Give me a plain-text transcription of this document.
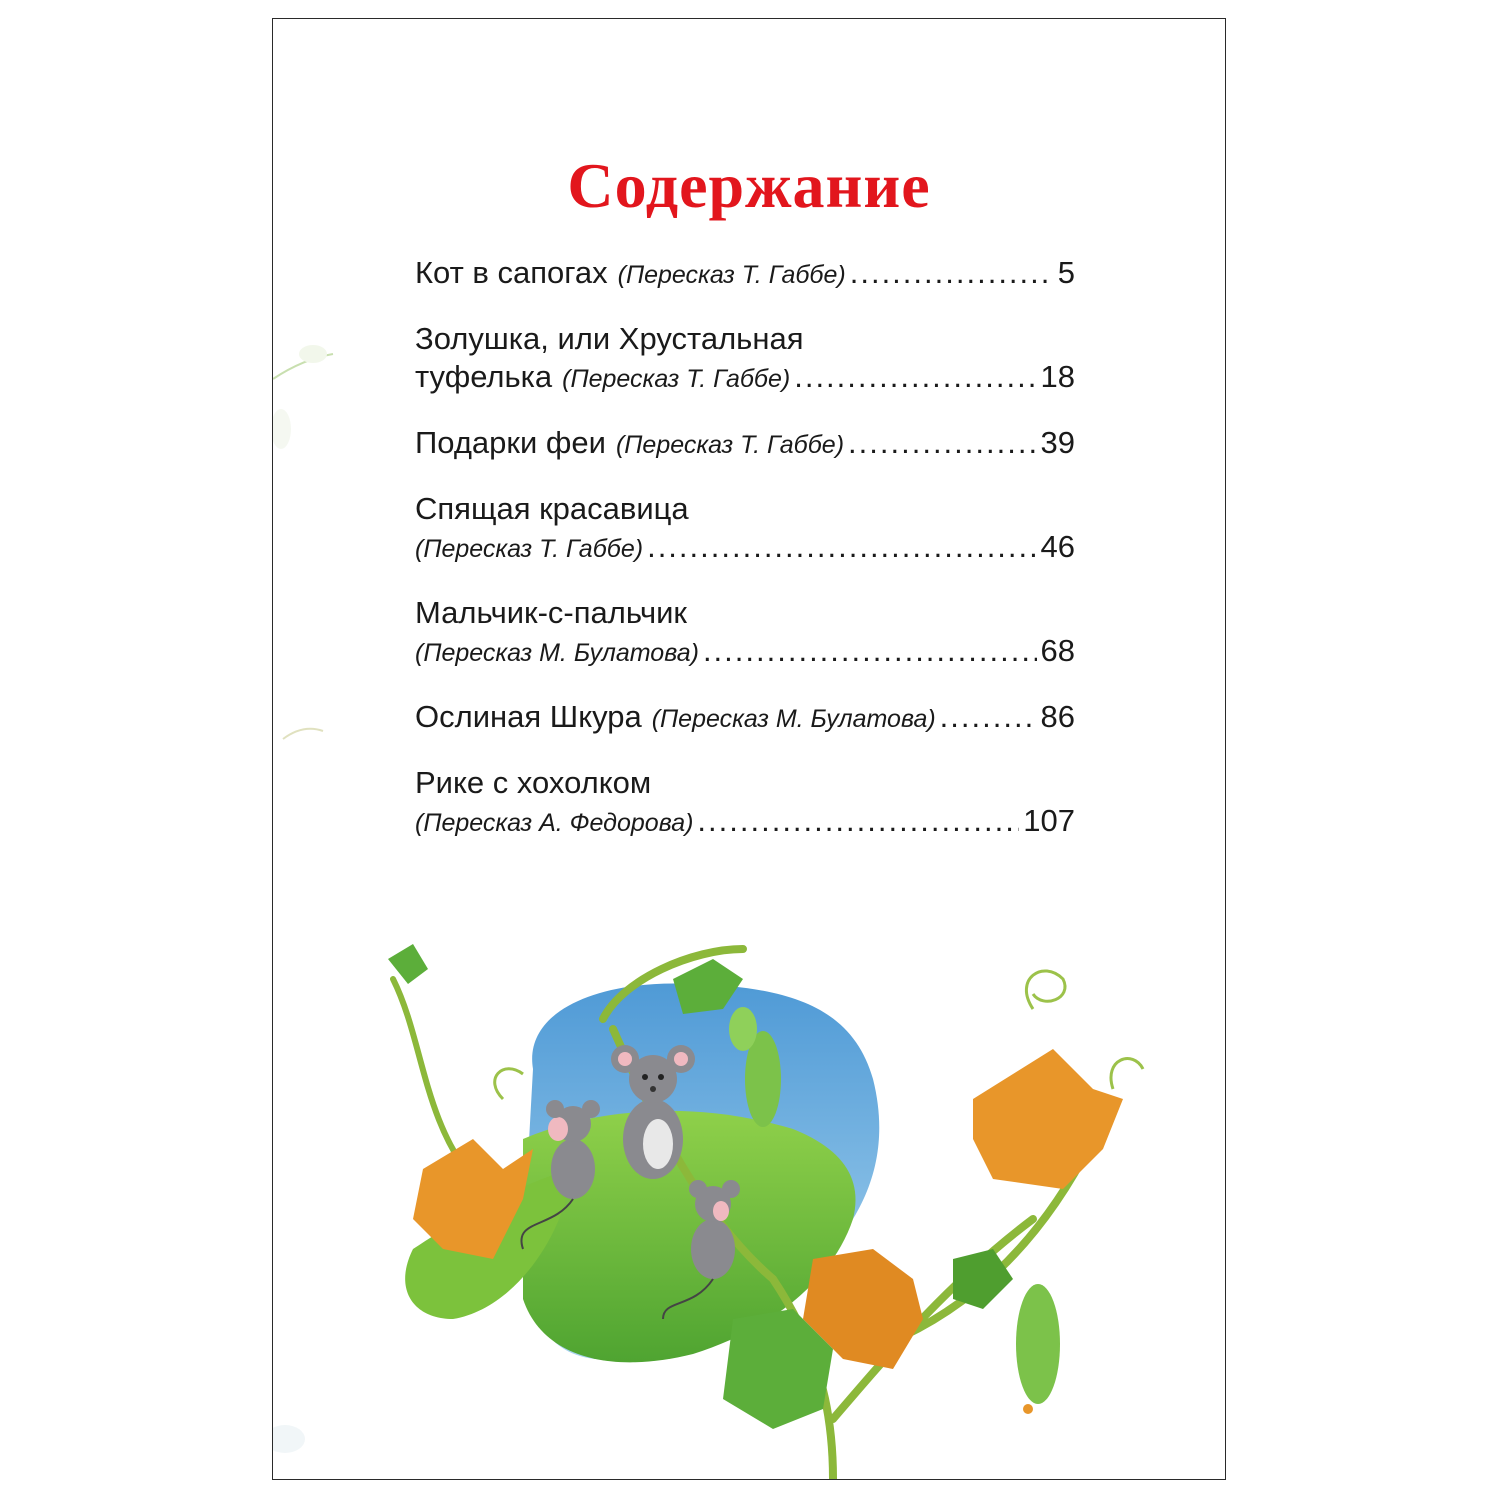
Содержание
Кот в сапогах (Пересказ Т. Габбе) .....	5
Золушка, или Хрустальная
туфелька (Пересказ Т. Габбе) .....	18
Подарки феи (Пересказ Т. Габбе) .....	39
Спящая красавица
(Пересказ Т. Габбе) .....	46
Мальчик-с-пальчик
(Пересказ М. Булатова) .....	68
Ослиная Шкура (Пересказ М. Булатова) .....	86
Рике с хохолком
(Пересказ А. Федорова) .....	107
